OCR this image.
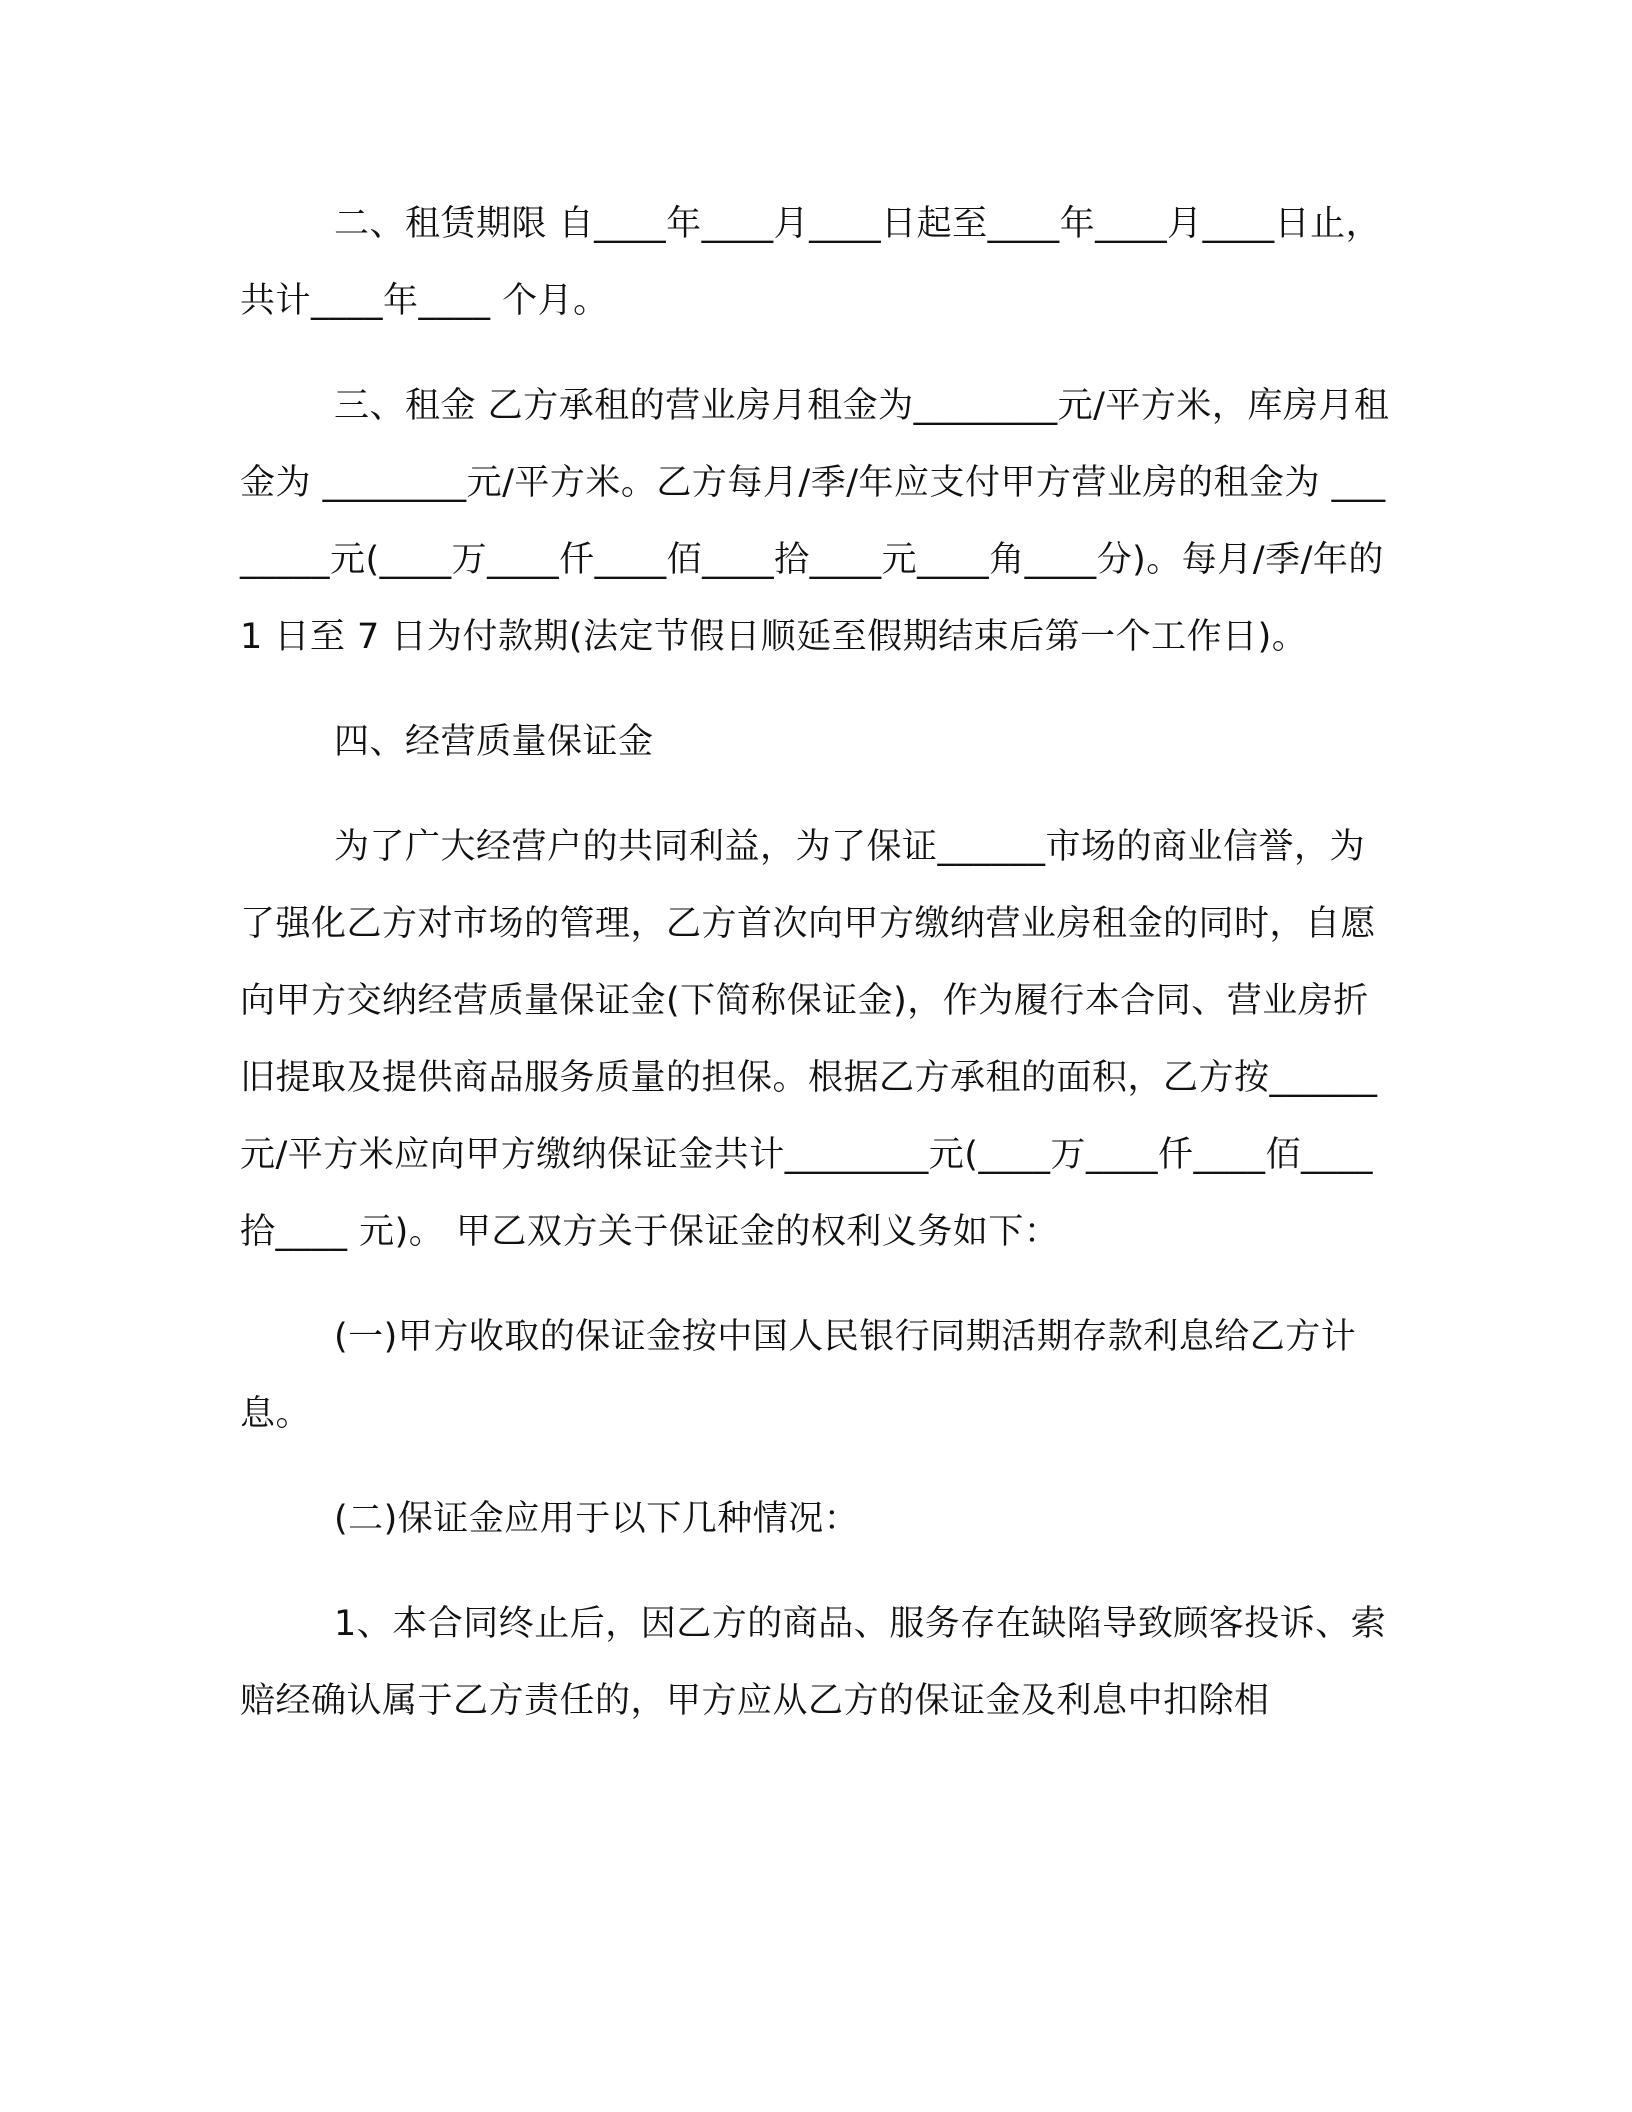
二、租赁期限 自____年____月____日起至____年____月____日止，共计____年____ 个月。

三、租金 乙方承租的营业房月租金为________元/平方米，库房月租金为 ________元/平方米。乙方每月/季/年应支付甲方营业房的租金为 ________元(____万____仟____佰____拾____元____角____分)。每月/季/年的 1 日至 7 日为付款期(法定节假日顺延至假期结束后第一个工作日)。

四、经营质量保证金

为了广大经营户的共同利益，为了保证______市场的商业信誉，为了强化乙方对市场的管理，乙方首次向甲方缴纳营业房租金的同时，自愿向甲方交纳经营质量保证金(下简称保证金)，作为履行本合同、营业房折旧提取及提供商品服务质量的担保。根据乙方承租的面积，乙方按______元/平方米应向甲方缴纳保证金共计________元(____万____仟____佰____拾____ 元)。 甲乙双方关于保证金的权利义务如下：

(一)甲方收取的保证金按中国人民银行同期活期存款利息给乙方计息。

(二)保证金应用于以下几种情况：

1、本合同终止后，因乙方的商品、服务存在缺陷导致顾客投诉、索赔经确认属于乙方责任的，甲方应从乙方的保证金及利息中扣除相
